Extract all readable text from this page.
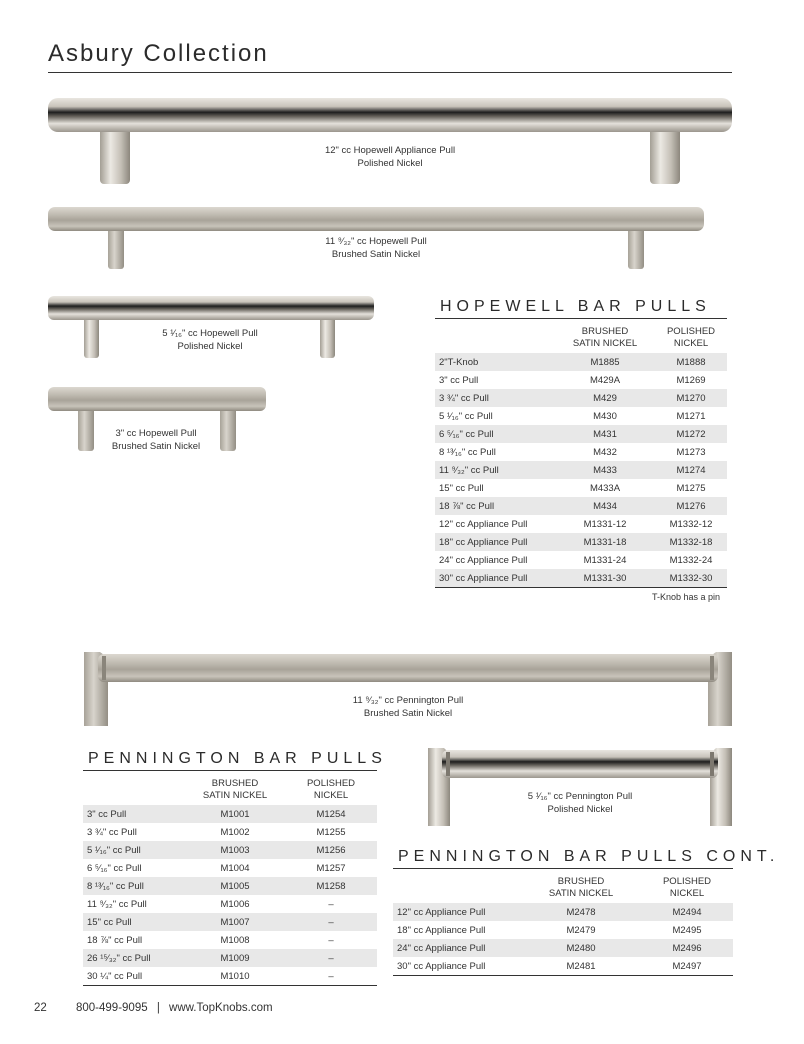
Asbury Collection
12" cc Hopewell Appliance Pull
Polished Nickel
11 ⁹⁄₃₂" cc Hopewell Pull
Brushed Satin Nickel
5 ¹⁄₁₆" cc Hopewell Pull
Polished Nickel
3" cc Hopewell Pull
Brushed Satin Nickel
HOPEWELL BAR PULLS
	BRUSHED
SATIN NICKEL	POLISHED
NICKEL
2"T-Knob	M1885	M1888
3" cc Pull	M429A	M1269
3 ¾" cc Pull	M429	M1270
5 ¹⁄₁₆" cc Pull	M430	M1271
6 ⁵⁄₁₆" cc Pull	M431	M1272
8 ¹³⁄₁₆" cc Pull	M432	M1273
11 ⁹⁄₃₂" cc Pull	M433	M1274
15" cc Pull	M433A	M1275
18 ⅞" cc Pull	M434	M1276
12" cc Appliance Pull	M1331-12	M1332-12
18" cc Appliance Pull	M1331-18	M1332-18
24" cc Appliance Pull	M1331-24	M1332-24
30" cc Appliance Pull	M1331-30	M1332-30
T-Knob has a pin
11 ⁹⁄₃₂" cc Pennington Pull
Brushed Satin Nickel
PENNINGTON BAR PULLS
	BRUSHED
SATIN NICKEL	POLISHED
NICKEL
3" cc Pull	M1001	M1254
3 ¾" cc Pull	M1002	M1255
5 ¹⁄₁₆" cc Pull	M1003	M1256
6 ⁵⁄₁₆" cc Pull	M1004	M1257
8 ¹³⁄₁₆" cc Pull	M1005	M1258
11 ⁹⁄₃₂" cc Pull	M1006	–
15" cc Pull	M1007	–
18 ⅞" cc Pull	M1008	–
26 ¹⁵⁄₃₂" cc Pull	M1009	–
30 ¼" cc Pull	M1010	–
5 ¹⁄₁₆" cc Pennington Pull
Polished Nickel
PENNINGTON BAR PULLS CONT.
	BRUSHED
SATIN NICKEL	POLISHED
NICKEL
12" cc Appliance Pull	M2478	M2494
18" cc Appliance Pull	M2479	M2495
24" cc Appliance Pull	M2480	M2496
30" cc Appliance Pull	M2481	M2497
22	800-499-9095 | www.TopKnobs.com
